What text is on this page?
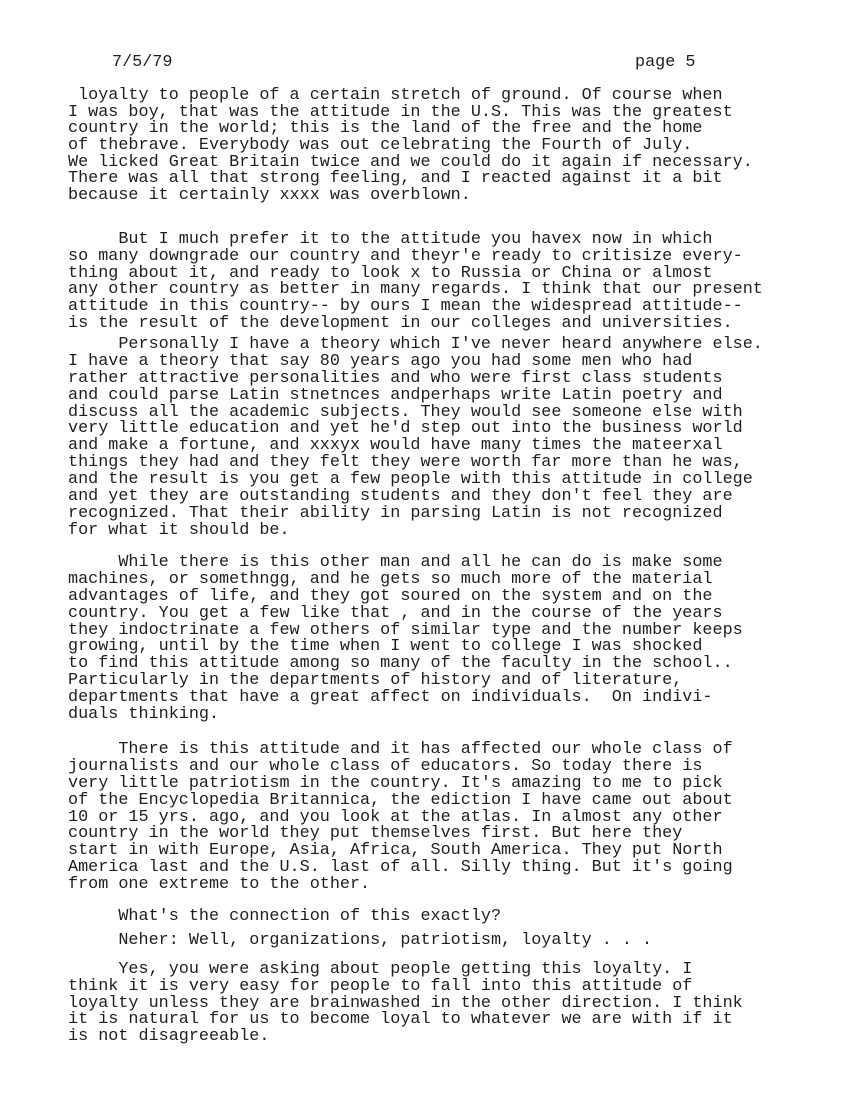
7/5/79	page 5
loyalty to people of a certain stretch of ground. Of course when
I was boy, that was the attitude in the U.S. This was the greatest
country in the world; this is the land of the free and the home
of thebrave. Everybody was out celebrating the Fourth of July.
We licked Great Britain twice and we could do it again if necessary.
There was all that strong feeling, and I reacted against it a bit
because it certainly xxxx was overblown.
But I much prefer it to the attitude you havex now in which
so many downgrade our country and theyr'e ready to critisize every-
thing about it, and ready to look x to Russia or China or almost
any other country as better in many regards. I think that our present
attitude in this country-- by ours I mean the widespread attitude--
is the result of the development in our colleges and universities.
Personally I have a theory which I've never heard anywhere else.
I have a theory that say 80 years ago you had some men who had
rather attractive personalities and who were first class students
and could parse Latin stnetnces andperhaps write Latin poetry and
discuss all the academic subjects. They would see someone else with
very little education and yet he'd step out into the business world
and make a fortune, and xxxyx would have many times the mateerxal
things they had and they felt they were worth far more than he was,
and the result is you get a few people with this attitude in college
and yet they are outstanding students and they don't feel they are
recognized. That their ability in parsing Latin is not recognized
for what it should be.
While there is this other man and all he can do is make some
machines, or somethngg, and he gets so much more of the material
advantages of life, and they got soured on the system and on the
country. You get a few like that , and in the course of the years
they indoctrinate a few others of similar type and the number keeps
growing, until by the time when I went to college I was shocked
to find this attitude among so many of the faculty in the school..
Particularly in the departments of history and of literature,
departments that have a great affect on individuals.  On indivi-
duals thinking.
There is this attitude and it has affected our whole class of
journalists and our whole class of educators. So today there is
very little patriotism in the country. It's amazing to me to pick
of the Encyclopedia Britannica, the ediction I have came out about
10 or 15 yrs. ago, and you look at the atlas. In almost any other
country in the world they put themselves first. But here they
start in with Europe, Asia, Africa, South America. They put North
America last and the U.S. last of all. Silly thing. But it's going
from one extreme to the other.
What's the connection of this exactly?
Neher: Well, organizations, patriotism, loyalty . . .
Yes, you were asking about people getting this loyalty. I
think it is very easy for people to fall into this attitude of
loyalty unless they are brainwashed in the other direction. I think
it is natural for us to become loyal to whatever we are with if it
is not disagreeable.
